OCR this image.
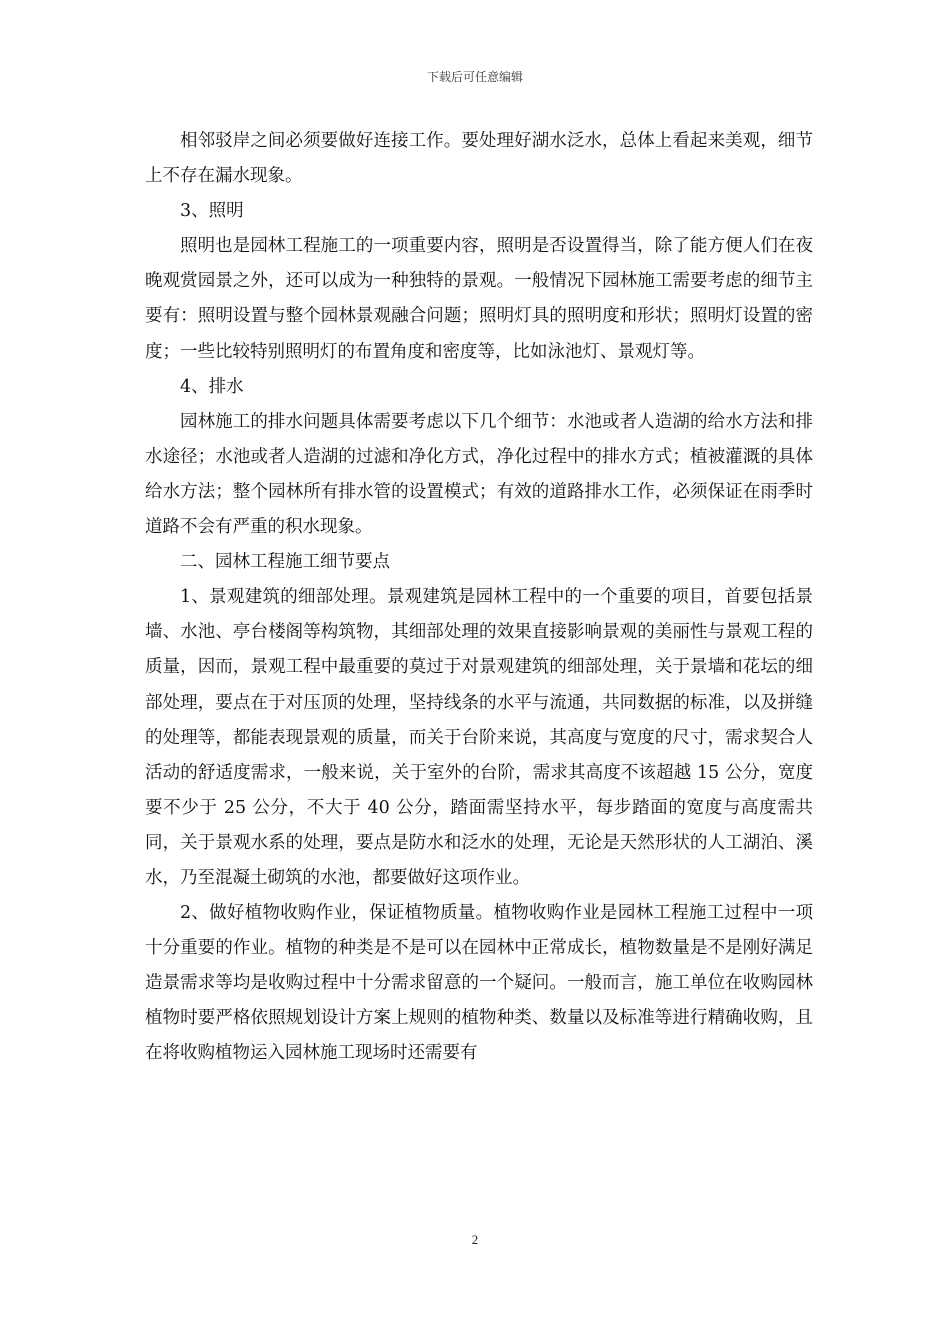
下载后可任意编辑

相邻驳岸之间必须要做好连接工作。要处理好湖水泛水，总体上看起来美观，细节上不存在漏水现象。

3、照明

照明也是园林工程施工的一项重要内容，照明是否设置得当，除了能方便人们在夜晚观赏园景之外，还可以成为一种独特的景观。一般情况下园林施工需要考虑的细节主要有：照明设置与整个园林景观融合问题；照明灯具的照明度和形状；照明灯设置的密度；一些比较特别照明灯的布置角度和密度等，比如泳池灯、景观灯等。

4、排水

园林施工的排水问题具体需要考虑以下几个细节：水池或者人造湖的给水方法和排水途径；水池或者人造湖的过滤和净化方式，净化过程中的排水方式；植被灌溉的具体给水方法；整个园林所有排水管的设置模式；有效的道路排水工作，必须保证在雨季时道路不会有严重的积水现象。

二、园林工程施工细节要点

1、景观建筑的细部处理。景观建筑是园林工程中的一个重要的项目，首要包括景墙、水池、亭台楼阁等构筑物，其细部处理的效果直接影响景观的美丽性与景观工程的质量，因而，景观工程中最重要的莫过于对景观建筑的细部处理，关于景墙和花坛的细部处理，要点在于对压顶的处理，坚持线条的水平与流通，共同数据的标准，以及拼缝的处理等，都能表现景观的质量，而关于台阶来说，其高度与宽度的尺寸，需求契合人活动的舒适度需求，一般来说，关于室外的台阶，需求其高度不该超越 15 公分，宽度要不少于 25 公分，不大于 40 公分，踏面需坚持水平，每步踏面的宽度与高度需共同，关于景观水系的处理，要点是防水和泛水的处理，无论是天然形状的人工湖泊、溪水，乃至混凝土砌筑的水池，都要做好这项作业。

2、做好植物收购作业，保证植物质量。植物收购作业是园林工程施工过程中一项十分重要的作业。植物的种类是不是可以在园林中正常成长，植物数量是不是刚好满足造景需求等均是收购过程中十分需求留意的一个疑问。一般而言，施工单位在收购园林植物时要严格依照规划设计方案上规则的植物种类、数量以及标准等进行精确收购，且在将收购植物运入园林施工现场时还需要有

2
